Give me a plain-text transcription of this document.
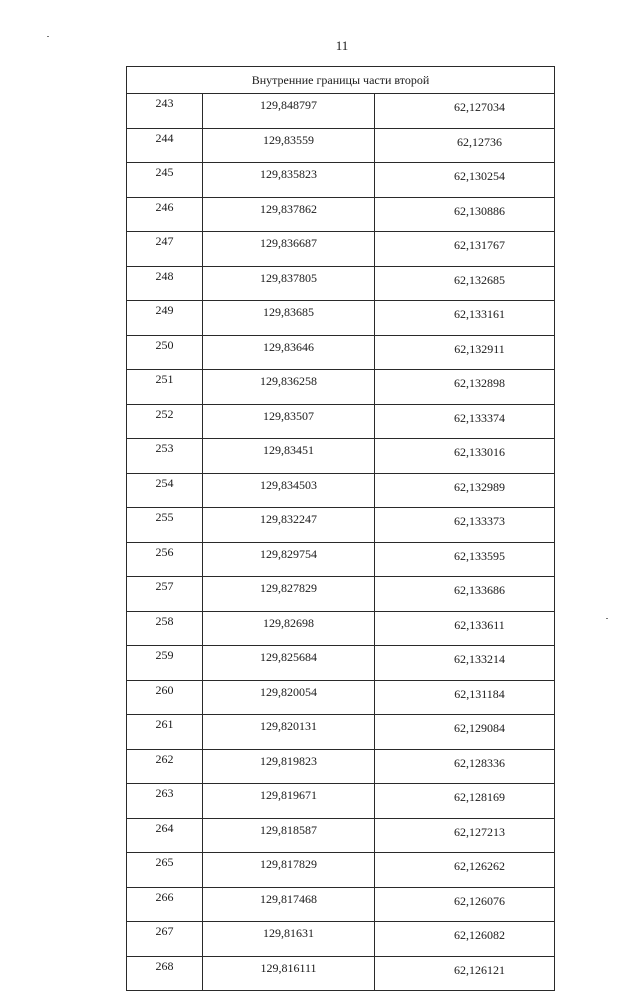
11
Внутренние границы части второй		
243	129,848797	62,127034
244	129,83559	62,12736
245	129,835823	62,130254
246	129,837862	62,130886
247	129,836687	62,131767
248	129,837805	62,132685
249	129,83685	62,133161
250	129,83646	62,132911
251	129,836258	62,132898
252	129,83507	62,133374
253	129,83451	62,133016
254	129,834503	62,132989
255	129,832247	62,133373
256	129,829754	62,133595
257	129,827829	62,133686
258	129,82698	62,133611
259	129,825684	62,133214
260	129,820054	62,131184
261	129,820131	62,129084
262	129,819823	62,128336
263	129,819671	62,128169
264	129,818587	62,127213
265	129,817829	62,126262
266	129,817468	62,126076
267	129,81631	62,126082
268	129,816111	62,126121
